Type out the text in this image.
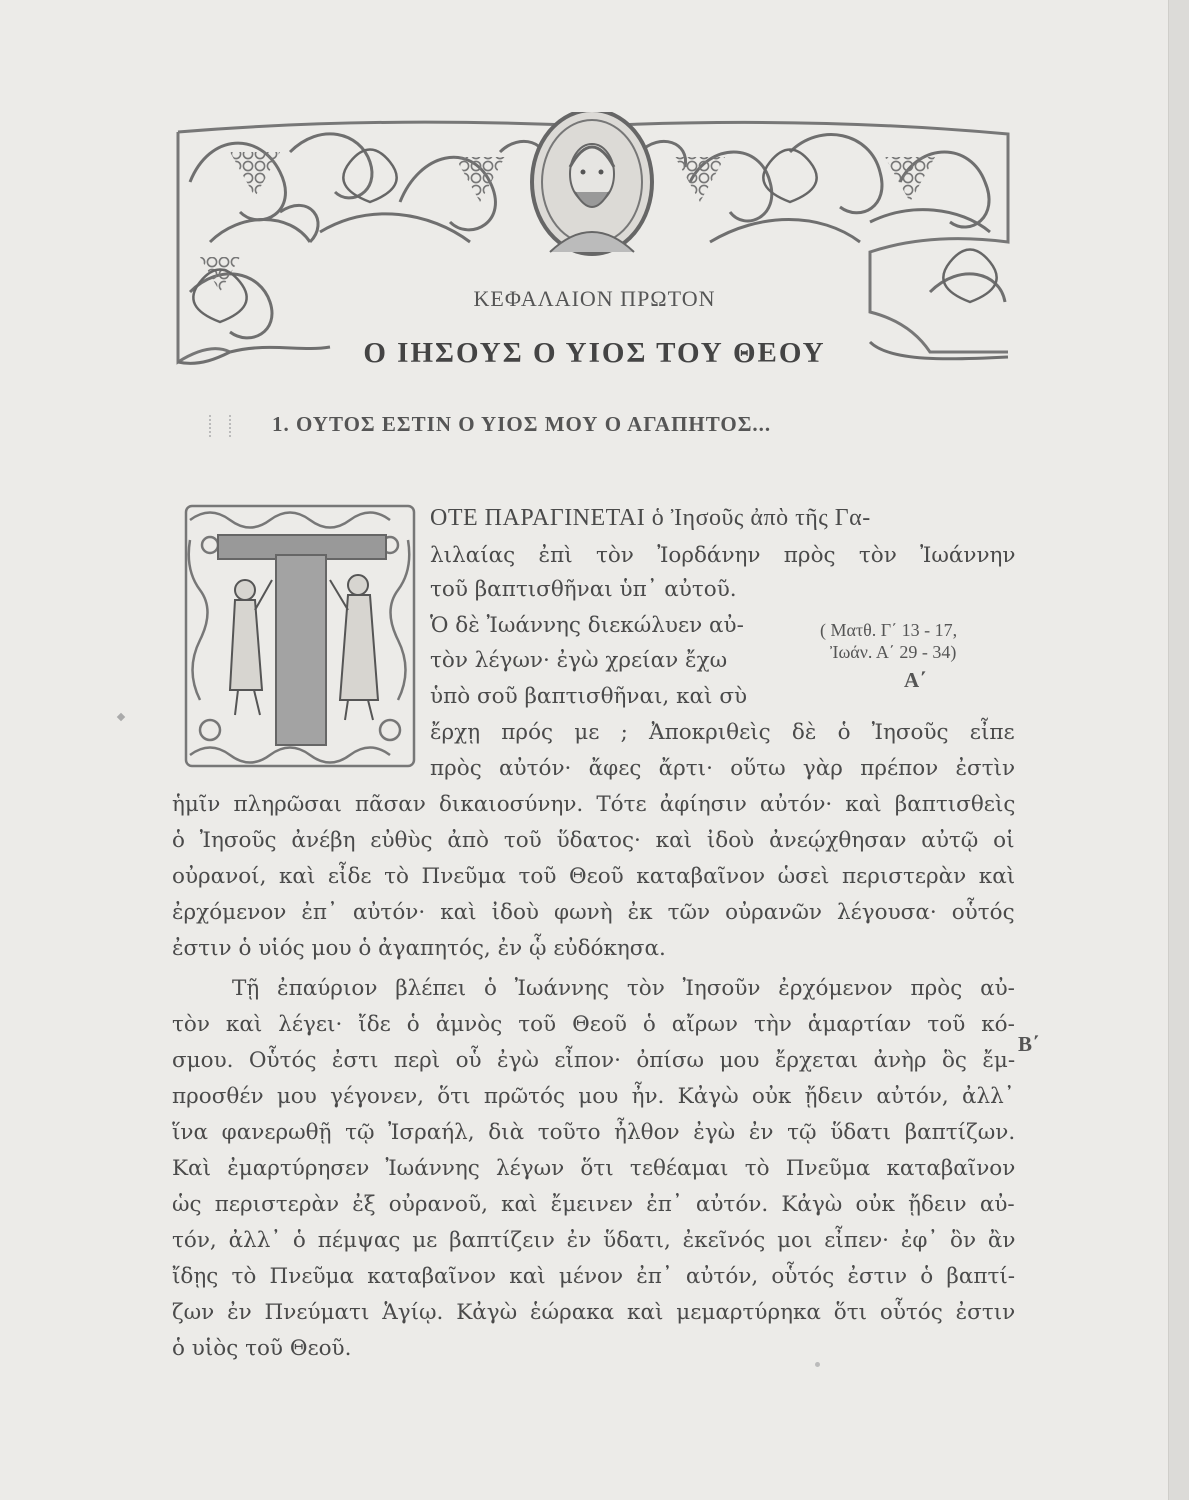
ΚΕΦΑΛΑΙΟΝ ΠΡΩΤΟΝ
Ο ΙΗΣΟΥΣ Ο ΥΙΟΣ ΤΟΥ ΘΕΟΥ
1. ΟΥΤΟΣ ΕΣΤΙΝ Ο ΥΙΟΣ ΜΟΥ Ο ΑΓΑΠΗΤΟΣ...
ΟΤΕ ΠΑΡΑΓΙΝΕΤΑΙ ὁ Ἰησοῦς ἀπὸ τῆς Γα-
λιλαίας ἐπὶ τὸν Ἰορδάνην πρὸς τὸν Ἰωάννην
τοῦ βαπτισθῆναι ὑπ᾽ αὐτοῦ.
Ὁ δὲ Ἰωάννης διεκώλυεν αὐ-
τὸν λέγων· ἐγὼ χρείαν ἔχω
ὑπὸ σοῦ βαπτισθῆναι, καὶ σὺ
ἔρχῃ πρός με ; Ἀποκριθεὶς δὲ ὁ Ἰησοῦς εἶπε
πρὸς αὐτόν· ἄφες ἄρτι· οὕτω γὰρ πρέπον ἐστὶν
ἡμῖν πληρῶσαι πᾶσαν δικαιοσύνην. Τότε ἀφίησιν αὐτόν· καὶ βαπτισθεὶς
ὁ Ἰησοῦς ἀνέβη εὐθὺς ἀπὸ τοῦ ὕδατος· καὶ ἰδοὺ ἀνεῴχθησαν αὐτῷ οἱ
οὐρανοί, καὶ εἶδε τὸ Πνεῦμα τοῦ Θεοῦ καταβαῖνον ὡσεὶ περιστερὰν καὶ
ἐρχόμενον ἐπ᾽ αὐτόν· καὶ ἰδοὺ φωνὴ ἐκ τῶν οὐρανῶν λέγουσα· οὗτός
ἐστιν ὁ υἱός μου ὁ ἀγαπητός, ἐν ᾧ εὐδόκησα.
( Ματθ. Γ΄ 13 - 17,
Ἰωάν. Α΄ 29 - 34)
Α΄
Β΄
Τῇ ἐπαύριον βλέπει ὁ Ἰωάννης τὸν Ἰησοῦν ἐρχόμενον πρὸς αὐ-
τὸν καὶ λέγει· ἴδε ὁ ἀμνὸς τοῦ Θεοῦ ὁ αἴρων τὴν ἁμαρτίαν τοῦ κό-
σμου. Οὗτός ἐστι περὶ οὗ ἐγὼ εἶπον· ὀπίσω μου ἔρχεται ἀνὴρ ὃς ἔμ-
προσθέν μου γέγονεν, ὅτι πρῶτός μου ἦν. Κἀγὼ οὐκ ᾔδειν αὐτόν, ἀλλ᾽
ἵνα φανερωθῇ τῷ Ἰσραήλ, διὰ τοῦτο ἦλθον ἐγὼ ἐν τῷ ὕδατι βαπτίζων.
Καὶ ἐμαρτύρησεν Ἰωάννης λέγων ὅτι τεθέαμαι τὸ Πνεῦμα καταβαῖνον
ὡς περιστερὰν ἐξ οὐρανοῦ, καὶ ἔμεινεν ἐπ᾽ αὐτόν. Κἀγὼ οὐκ ᾔδειν αὐ-
τόν, ἀλλ᾽ ὁ πέμψας με βαπτίζειν ἐν ὕδατι, ἐκεῖνός μοι εἶπεν· ἐφ᾽ ὃν ἂν
ἴδῃς τὸ Πνεῦμα καταβαῖνον καὶ μένον ἐπ᾽ αὐτόν, οὗτός ἐστιν ὁ βαπτί-
ζων ἐν Πνεύματι Ἁγίῳ. Κἀγὼ ἑώρακα καὶ μεμαρτύρηκα ὅτι οὗτός ἐστιν
ὁ υἱὸς τοῦ Θεοῦ.
